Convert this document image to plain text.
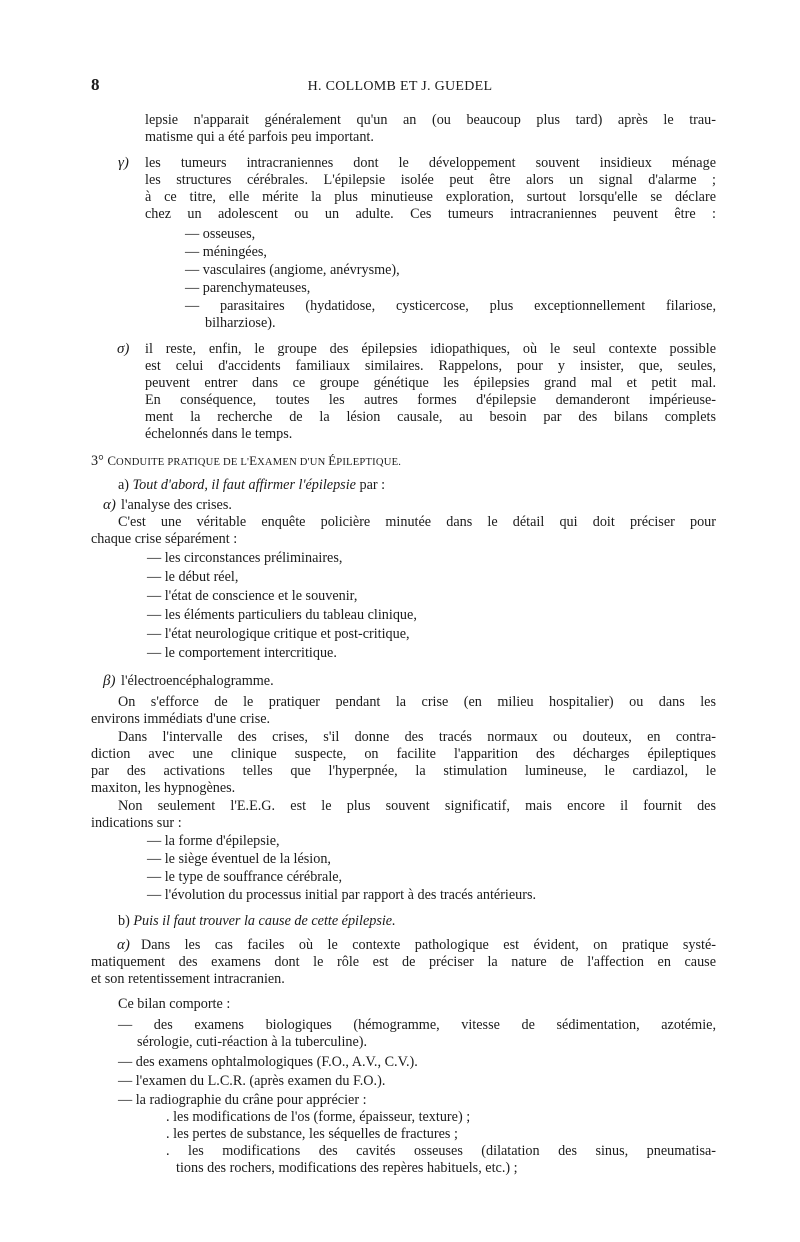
8	H. COLLOMB ET J. GUEDEL
lepsie n'apparait généralement qu'un an (ou beaucoup plus tard) après le trau-
matisme qui a été parfois peu important.
γ) les tumeurs intracraniennes dont le développement souvent insidieux ménage
les structures cérébrales. L'épilepsie isolée peut être alors un signal d'alarme ;
à ce titre, elle mérite la plus minutieuse exploration, surtout lorsqu'elle se déclare
chez un adolescent ou un adulte. Ces tumeurs intracraniennes peuvent être :
— osseuses,
— méningées,
— vasculaires (angiome, anévrysme),
— parenchymateuses,
— parasitaires (hydatidose, cysticercose, plus exceptionnellement filariose,
bilharziose).
σ) il reste, enfin, le groupe des épilepsies idiopathiques, où le seul contexte possible
est celui d'accidents familiaux similaires. Rappelons, pour y insister, que, seules,
peuvent entrer dans ce groupe génétique les épilepsies grand mal et petit mal.
En conséquence, toutes les autres formes d'épilepsie demanderont impérieuse-
ment la recherche de la lésion causale, au besoin par des bilans complets
échelonnés dans le temps.
3° CONDUITE PRATIQUE DE L'EXAMEN D'UN ÉPILEPTIQUE.
a) Tout d'abord, il faut affirmer l'épilepsie par :
α) l'analyse des crises.
C'est une véritable enquête policière minutée dans le détail qui doit préciser pour
chaque crise séparément :
— les circonstances préliminaires,
— le début réel,
— l'état de conscience et le souvenir,
— les éléments particuliers du tableau clinique,
— l'état neurologique critique et post-critique,
— le comportement intercritique.
β) l'électroencéphalogramme.
On s'efforce de le pratiquer pendant la crise (en milieu hospitalier) ou dans les
environs immédiats d'une crise.
Dans l'intervalle des crises, s'il donne des tracés normaux ou douteux, en contra-
diction avec une clinique suspecte, on facilite l'apparition des décharges épileptiques
par des activations telles que l'hyperpnée, la stimulation lumineuse, le cardiazol, le
maxiton, les hypnogènes.
Non seulement l'E.E.G. est le plus souvent significatif, mais encore il fournit des
indications sur :
— la forme d'épilepsie,
— le siège éventuel de la lésion,
— le type de souffrance cérébrale,
— l'évolution du processus initial par rapport à des tracés antérieurs.
b) Puis il faut trouver la cause de cette épilepsie.
α) Dans les cas faciles où le contexte pathologique est évident, on pratique systé-
matiquement des examens dont le rôle est de préciser la nature de l'affection en cause
et son retentissement intracranien.
Ce bilan comporte :
— des examens biologiques (hémogramme, vitesse de sédimentation, azotémie,
sérologie, cuti-réaction à la tuberculine).
— des examens ophtalmologiques (F.O., A.V., C.V.).
— l'examen du L.C.R. (après examen du F.O.).
— la radiographie du crâne pour apprécier :
. les modifications de l'os (forme, épaisseur, texture) ;
. les pertes de substance, les séquelles de fractures ;
. les modifications des cavités osseuses (dilatation des sinus, pneumatisa-
tions des rochers, modifications des repères habituels, etc.) ;
